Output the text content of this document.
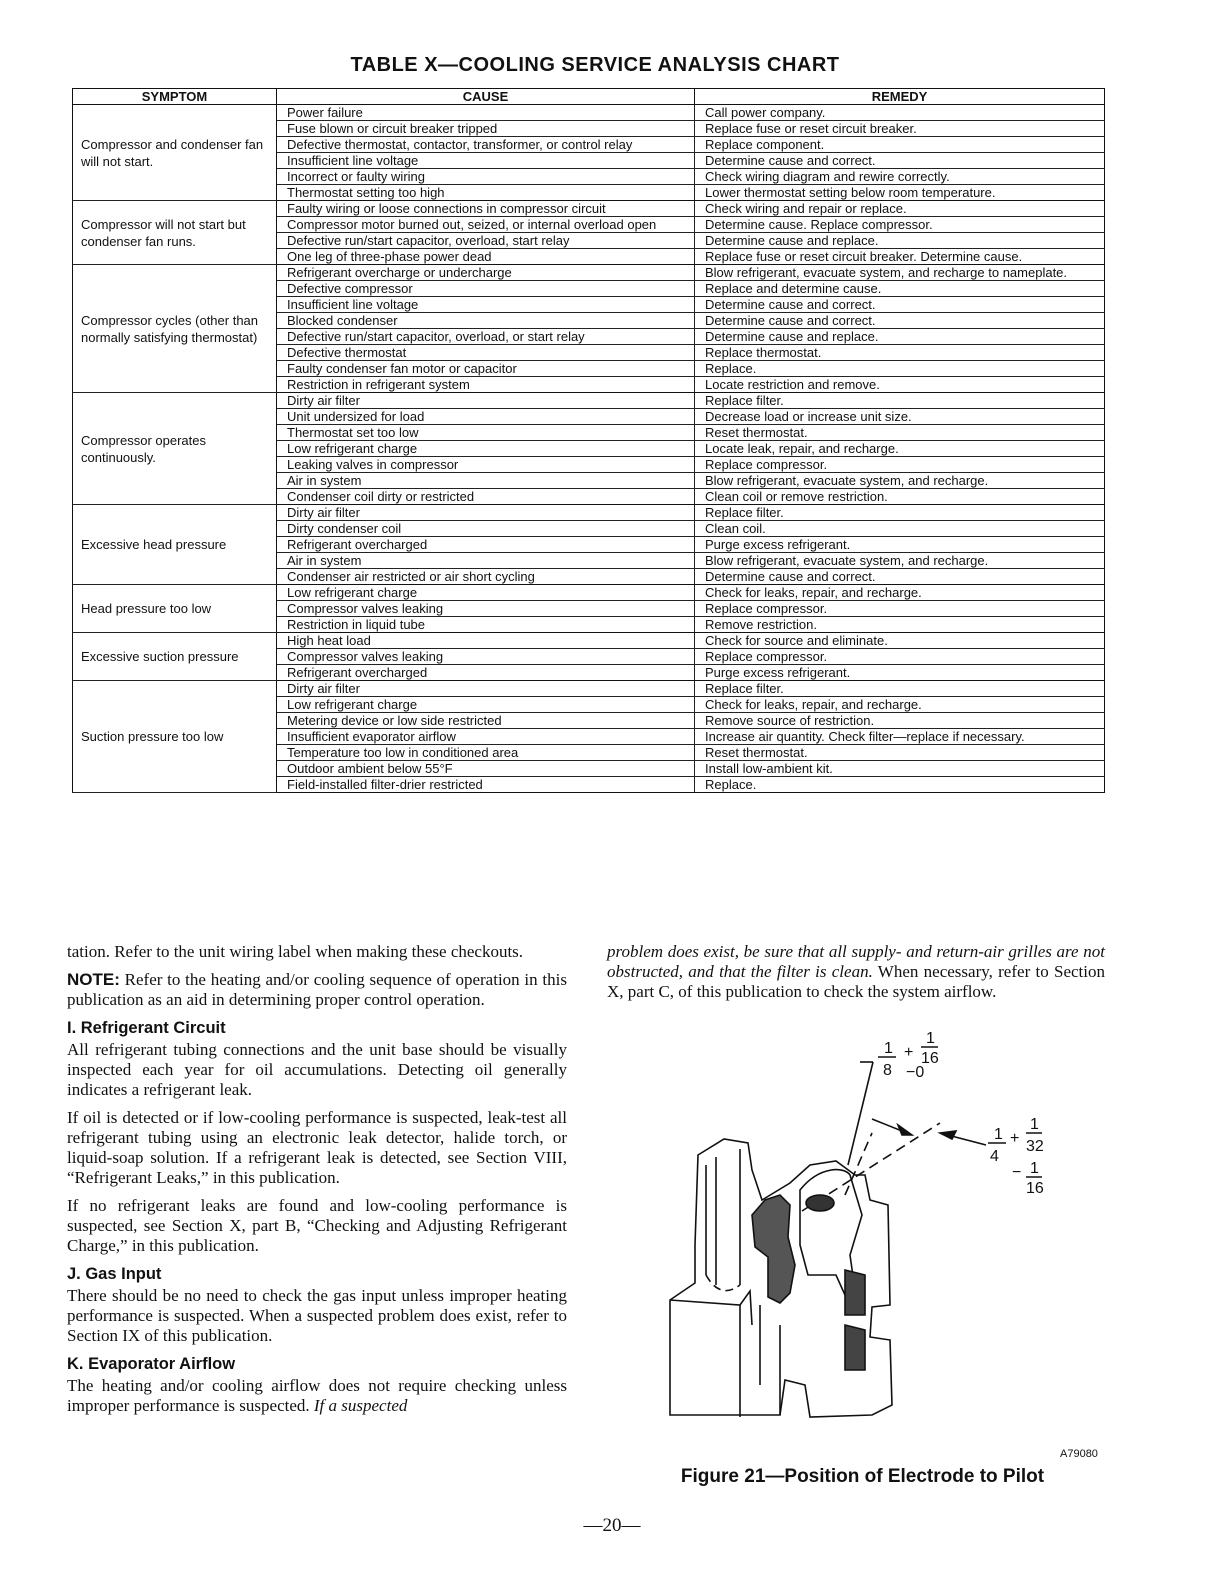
TABLE X—COOLING SERVICE ANALYSIS CHART
SYMPTOM	CAUSE	REMEDY
Compressor and condenser fan will not start.	Power failure	Call power company.
	Fuse blown or circuit breaker tripped	Replace fuse or reset circuit breaker.
	Defective thermostat, contactor, transformer, or control relay	Replace component.
	Insufficient line voltage	Determine cause and correct.
	Incorrect or faulty wiring	Check wiring diagram and rewire correctly.
	Thermostat setting too high	Lower thermostat setting below room temperature.
Compressor will not start but condenser fan runs.	Faulty wiring or loose connections in compressor circuit	Check wiring and repair or replace.
	Compressor motor burned out, seized, or internal overload open	Determine cause. Replace compressor.
	Defective run/start capacitor, overload, start relay	Determine cause and replace.
	One leg of three-phase power dead	Replace fuse or reset circuit breaker. Determine cause.
Compressor cycles (other than normally satisfying thermostat)	Refrigerant overcharge or undercharge	Blow refrigerant, evacuate system, and recharge to nameplate.
	Defective compressor	Replace and determine cause.
	Insufficient line voltage	Determine cause and correct.
	Blocked condenser	Determine cause and correct.
	Defective run/start capacitor, overload, or start relay	Determine cause and replace.
	Defective thermostat	Replace thermostat.
	Faulty condenser fan motor or capacitor	Replace.
	Restriction in refrigerant system	Locate restriction and remove.
Compressor operates continuously.	Dirty air filter	Replace filter.
	Unit undersized for load	Decrease load or increase unit size.
	Thermostat set too low	Reset thermostat.
	Low refrigerant charge	Locate leak, repair, and recharge.
	Leaking valves in compressor	Replace compressor.
	Air in system	Blow refrigerant, evacuate system, and recharge.
	Condenser coil dirty or restricted	Clean coil or remove restriction.
Excessive head pressure	Dirty air filter	Replace filter.
	Dirty condenser coil	Clean coil.
	Refrigerant overcharged	Purge excess refrigerant.
	Air in system	Blow refrigerant, evacuate system, and recharge.
	Condenser air restricted or air short cycling	Determine cause and correct.
Head pressure too low	Low refrigerant charge	Check for leaks, repair, and recharge.
	Compressor valves leaking	Replace compressor.
	Restriction in liquid tube	Remove restriction.
Excessive suction pressure	High heat load	Check for source and eliminate.
	Compressor valves leaking	Replace compressor.
	Refrigerant overcharged	Purge excess refrigerant.
Suction pressure too low	Dirty air filter	Replace filter.
	Low refrigerant charge	Check for leaks, repair, and recharge.
	Metering device or low side restricted	Remove source of restriction.
	Insufficient evaporator airflow	Increase air quantity. Check filter—replace if necessary.
	Temperature too low in conditioned area	Reset thermostat.
	Outdoor ambient below 55°F	Install low-ambient kit.
	Field-installed filter-drier restricted	Replace.

tation. Refer to the unit wiring label when making these checkouts.

NOTE: Refer to the heating and/or cooling sequence of operation in this publication as an aid in determining proper control operation.

I. Refrigerant Circuit

All refrigerant tubing connections and the unit base should be visually inspected each year for oil accumulations. Detecting oil generally indicates a refrigerant leak.

If oil is detected or if low-cooling performance is suspected, leak-test all refrigerant tubing using an electronic leak detector, halide torch, or liquid-soap solution. If a refrigerant leak is detected, see Section VIII, “Refrigerant Leaks,” in this publication.

If no refrigerant leaks are found and low-cooling performance is suspected, see Section X, part B, “Checking and Adjusting Refrigerant Charge,” in this publication.

J. Gas Input

There should be no need to check the gas input unless improper heating performance is suspected. When a suspected problem does exist, refer to Section IX of this publication.

K. Evaporator Airflow

The heating and/or cooling airflow does not require checking unless improper performance is suspected. If a suspected

problem does exist, be sure that all supply- and return-air grilles are not obstructed, and that the filter is clean. When necessary, refer to Section X, part C, of this publication to check the system airflow.

1
8
+
1
16
−0
1
4
+
1
32
− 1
16
A79080
Figure 21—Position of Electrode to Pilot
—20—
